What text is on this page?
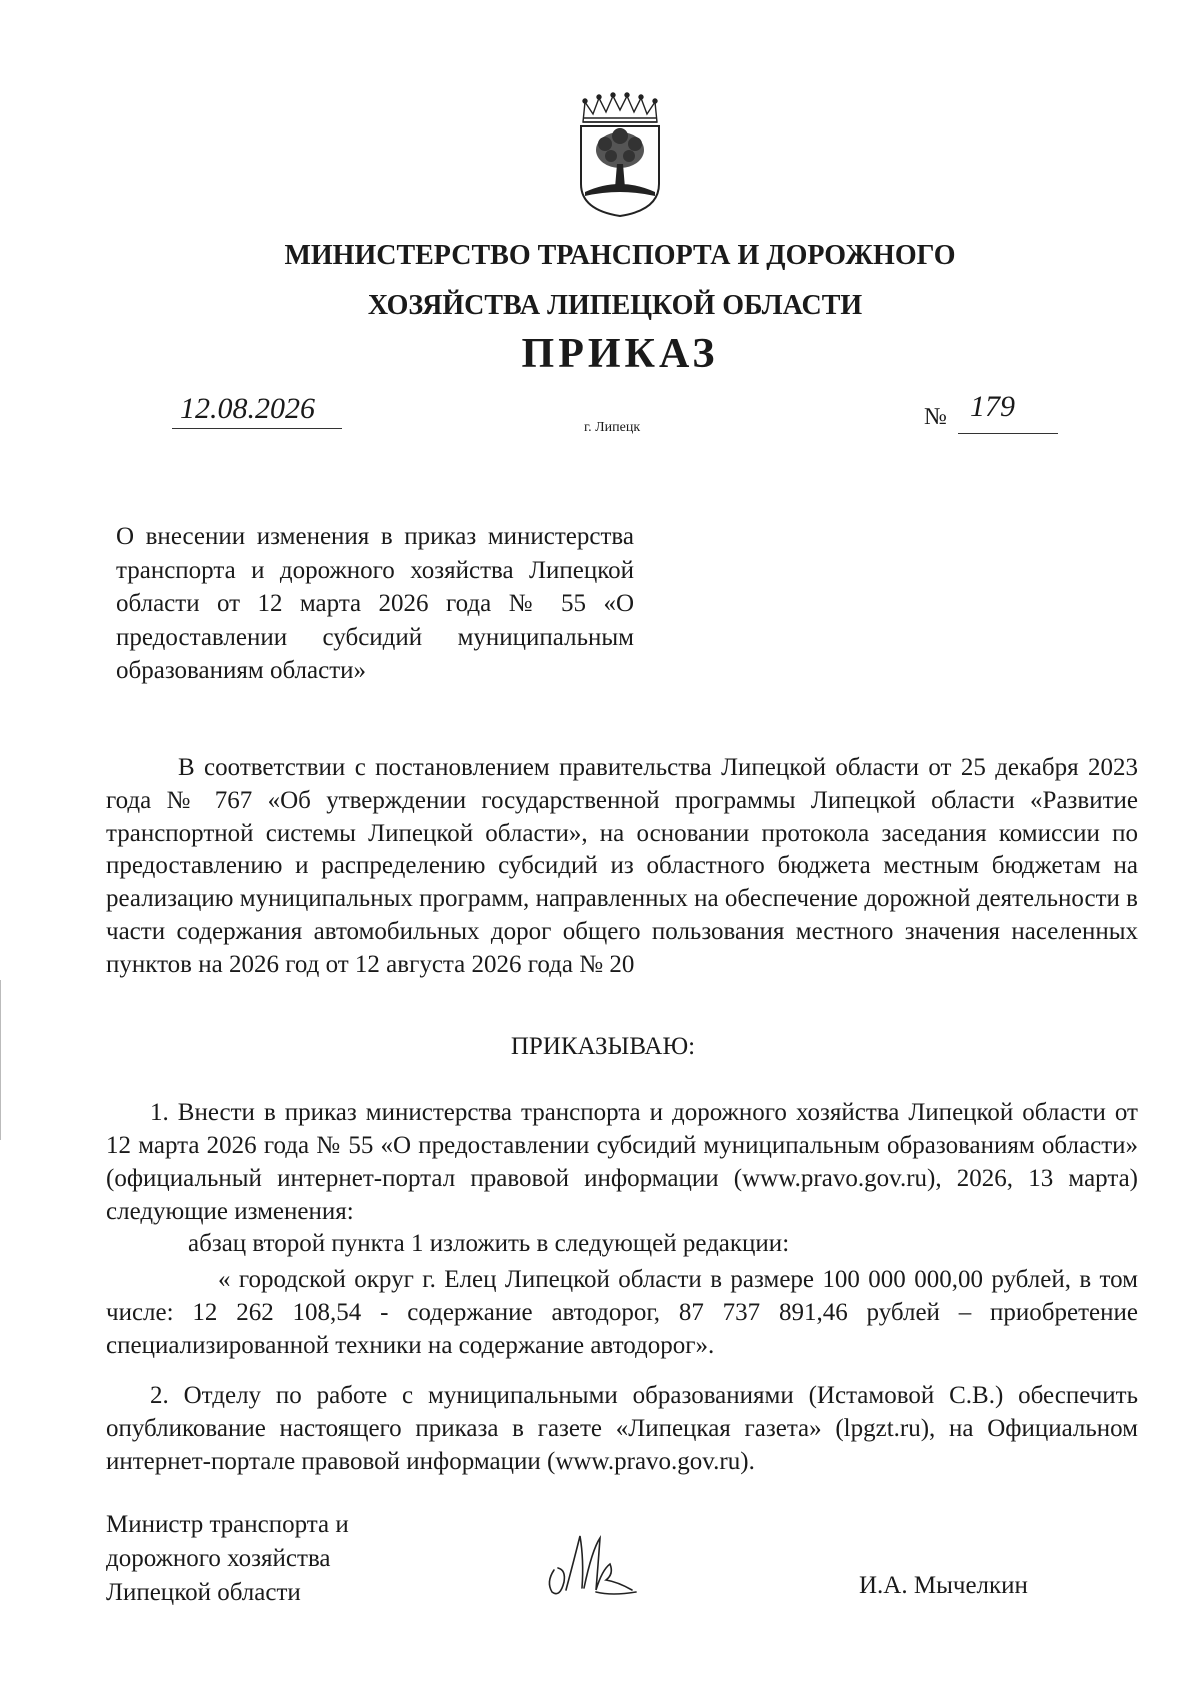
МИНИСТЕРСТВО ТРАНСПОРТА И ДОРОЖНОГО
ХОЗЯЙСТВА ЛИПЕЦКОЙ ОБЛАСТИ
ПРИКАЗ
12.08.2026
г. Липецк	№ 179
О внесении изменения в приказ министерства транспорта и дорожного хозяйства Липецкой области от 12 марта 2026 года № 55 «О предоставлении субсидий муниципальным образованиям области»
В соответствии с постановлением правительства Липецкой области от 25 декабря 2023 года № 767 «Об утверждении государственной программы Липецкой области «Развитие транспортной системы Липецкой области», на основании протокола заседания комиссии по предоставлению и распределению субсидий из областного бюджета местным бюджетам на реализацию муниципальных программ, направленных на обеспечение дорожной деятельности в части содержания автомобильных дорог общего пользования местного значения населенных пунктов на 2026 год от 12 августа 2026 года № 20
ПРИКАЗЫВАЮ:
1. Внести в приказ министерства транспорта и дорожного хозяйства Липецкой области от 12 марта 2026 года № 55 «О предоставлении субсидий муниципальным образованиям области» (официальный интернет-портал правовой информации (www.pravo.gov.ru), 2026, 13 марта) следующие изменения:
абзац второй пункта 1 изложить в следующей редакции:
« городской округ г. Елец Липецкой области в размере 100 000 000,00 рублей, в том числе: 12 262 108,54 - содержание автодорог, 87 737 891,46 рублей – приобретение специализированной техники на содержание автодорог».
2. Отделу по работе с муниципальными образованиями (Истамовой С.В.) обеспечить опубликование настоящего приказа в газете «Липецкая газета» (lpgzt.ru), на Официальном интернет-портале правовой информации (www.pravo.gov.ru).
Министр транспорта и
дорожного хозяйства
Липецкой области	И.А. Мычелкин
